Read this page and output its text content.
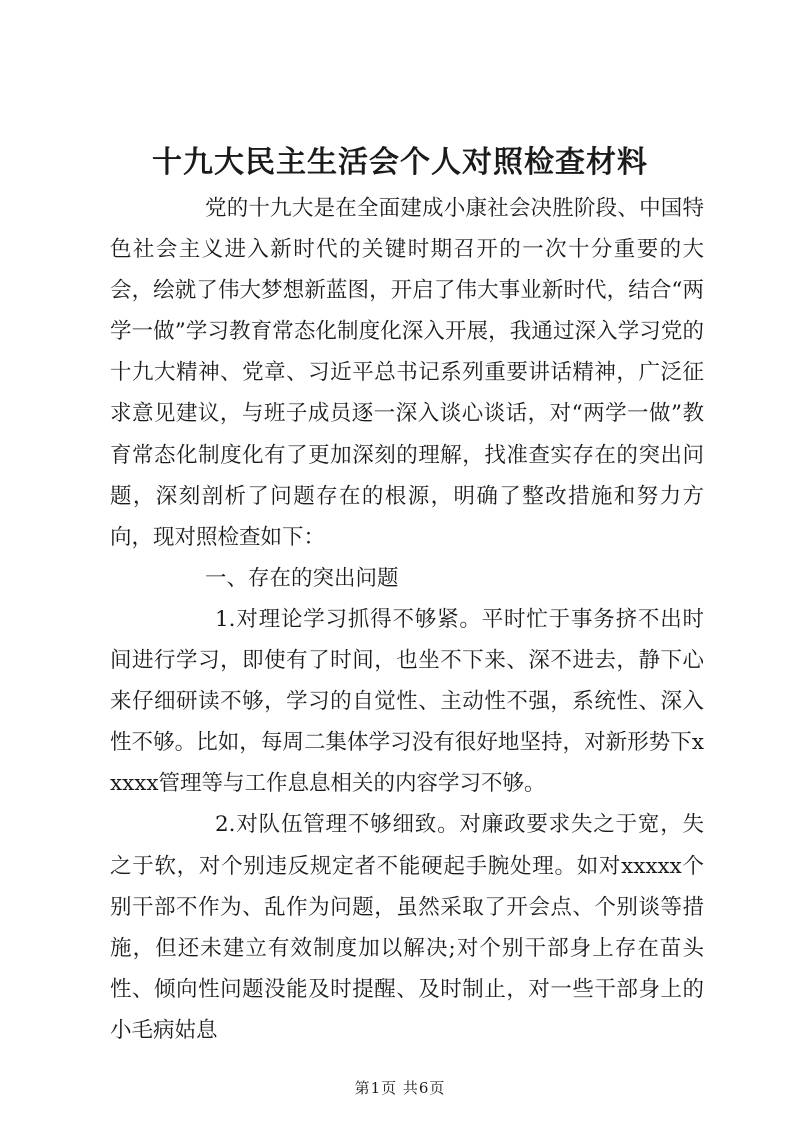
十九大民主生活会个人对照检查材料

党的十九大是在全面建成小康社会决胜阶段、中国特色社会主义进入新时代的关键时期召开的一次十分重要的大会，绘就了伟大梦想新蓝图，开启了伟大事业新时代，结合“两学一做”学习教育常态化制度化深入开展，我通过深入学习党的十九大精神、党章、习近平总书记系列重要讲话精神，广泛征求意见建议，与班子成员逐一深入谈心谈话，对“两学一做”教育常态化制度化有了更加深刻的理解，找准查实存在的突出问题，深刻剖析了问题存在的根源，明确了整改措施和努力方向，现对照检查如下：

一、存在的突出问题

1.对理论学习抓得不够紧。平时忙于事务挤不出时间进行学习，即使有了时间，也坐不下来、深不进去，静下心来仔细研读不够，学习的自觉性、主动性不强，系统性、深入性不够。比如，每周二集体学习没有很好地坚持，对新形势下xxxxx管理等与工作息息相关的内容学习不够。

2.对队伍管理不够细致。对廉政要求失之于宽，失之于软，对个别违反规定者不能硬起手腕处理。如对xxxxx个别干部不作为、乱作为问题，虽然采取了开会点、个别谈等措施，但还未建立有效制度加以解决;对个别干部身上存在苗头性、倾向性问题没能及时提醒、及时制止，对一些干部身上的小毛病姑息

第1页 共6页
